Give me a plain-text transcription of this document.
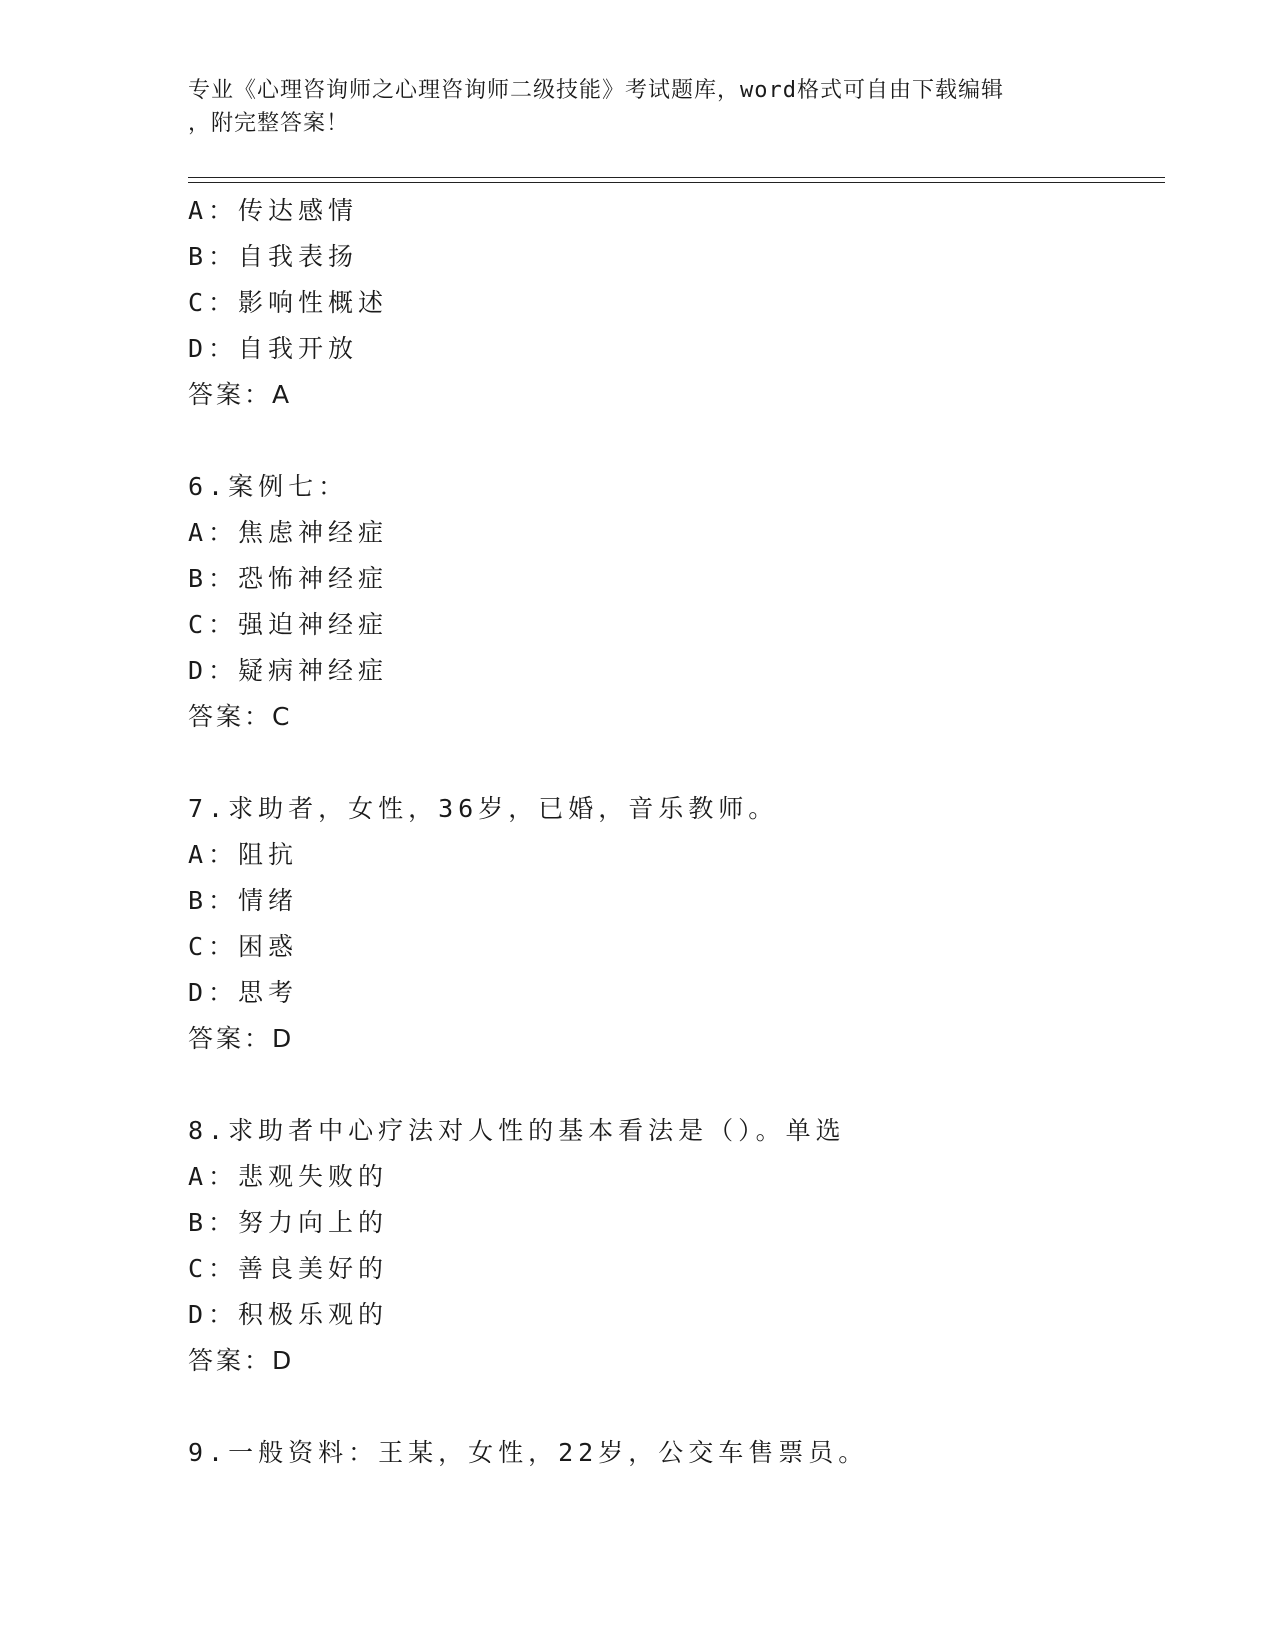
专业《心理咨询师之心理咨询师二级技能》考试题库，word格式可自由下载编辑
，附完整答案！
A：传达感情
B：自我表扬
C：影响性概述
D：自我开放
答案：A
6.案例七：
A：焦虑神经症
B：恐怖神经症
C：强迫神经症
D：疑病神经症
答案：C
7.求助者，女性，36岁，已婚，音乐教师。
A：阻抗
B：情绪
C：困惑
D：思考
答案：D
8.求助者中心疗法对人性的基本看法是（）。单选
A：悲观失败的
B：努力向上的
C：善良美好的
D：积极乐观的
答案：D
9.一般资料：王某，女性，22岁，公交车售票员。
